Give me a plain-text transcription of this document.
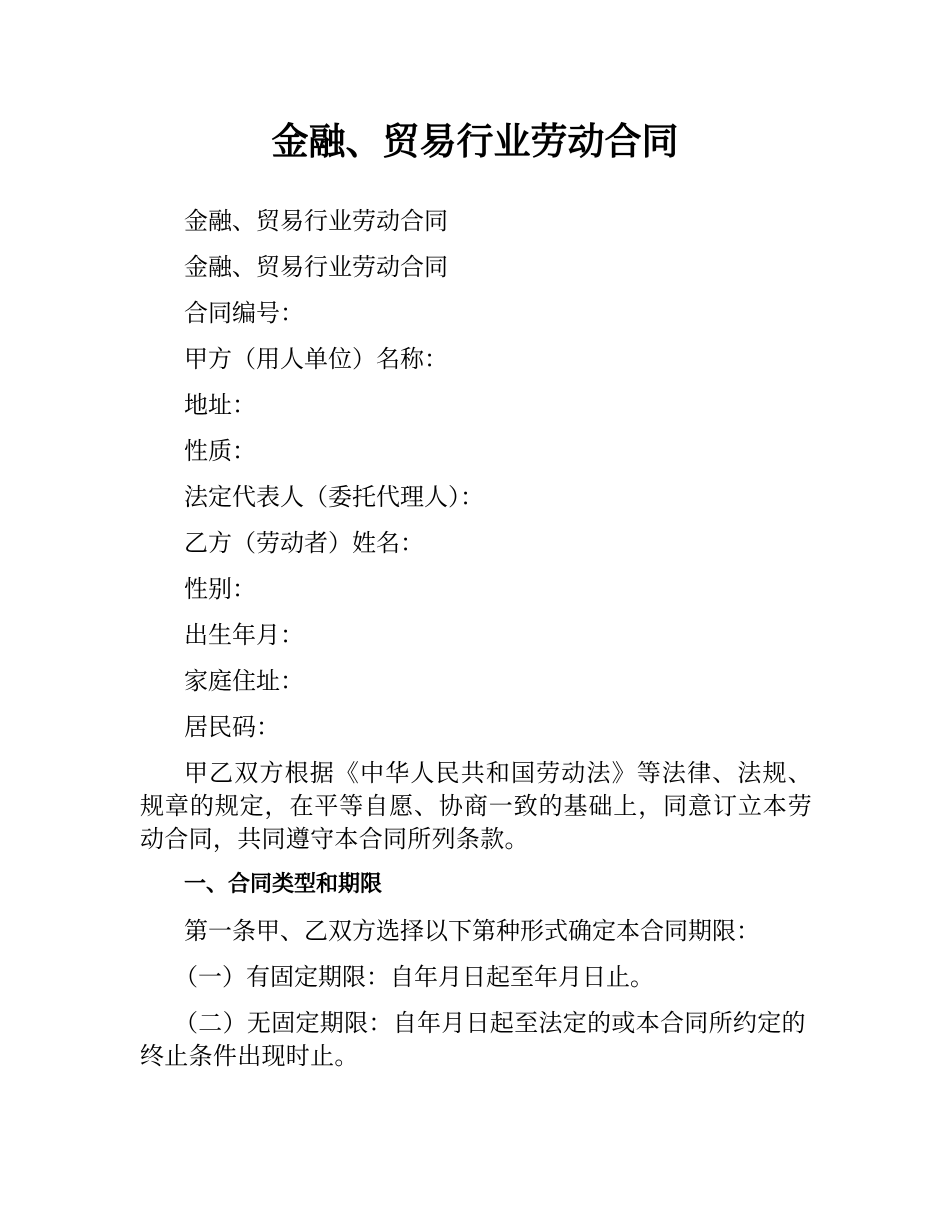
金融、贸易行业劳动合同

金融、贸易行业劳动合同

金融、贸易行业劳动合同

合同编号：

甲方（用人单位）名称：

地址：

性质：

法定代表人（委托代理人）：

乙方（劳动者）姓名：

性别：

出生年月：

家庭住址：

居民码：

甲乙双方根据《中华人民共和国劳动法》等法律、法规、规章的规定，在平等自愿、协商一致的基础上，同意订立本劳动合同，共同遵守本合同所列条款。

一、合同类型和期限

第一条甲、乙双方选择以下第种形式确定本合同期限：

（一）有固定期限：自年月日起至年月日止。

（二）无固定期限：自年月日起至法定的或本合同所约定的终止条件出现时止。
